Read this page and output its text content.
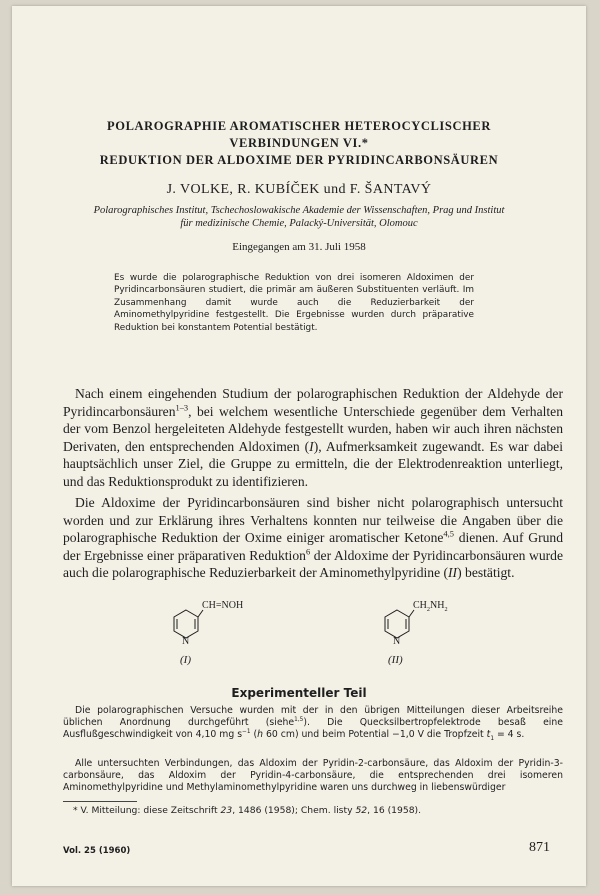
POLAROGRAPHIE AROMATISCHER HETEROCYCLISCHER
VERBINDUNGEN VI.*
REDUKTION DER ALDOXIME DER PYRIDINCARBONSÄUREN
J. VOLKE, R. KUBÍČEK und F. ŠANTAVÝ
Polarographisches Institut, Tschechoslowakische Akademie der Wissenschaften, Prag und Institut
für medizinische Chemie, Palacký-Universität, Olomouc
Eingegangen am 31. Juli 1958
Es wurde die polarographische Reduktion von drei isomeren Aldoximen der Pyridincarbonsäuren studiert, die primär am äußeren Substituenten verläuft. Im Zusammenhang damit wurde auch die Reduzierbarkeit der Aminomethylpyridine festgestellt. Die Ergebnisse wurden durch präparative Reduktion bei konstantem Potential bestätigt.

Nach einem eingehenden Studium der polarographischen Reduktion der Aldehyde der Pyridincarbonsäuren$^{1-3}$, bei welchem wesentliche Unterschiede gegenüber dem Verhalten der vom Benzol hergeleiteten Aldehyde festgestellt wurden, haben wir auch ihren nächsten Derivaten, den entsprechenden Aldoximen (I), Aufmerksamkeit zugewandt. Es war dabei hauptsächlich unser Ziel, die Gruppe zu ermitteln, die der Elektrodenreaktion unterliegt, und das Reduktionsprodukt zu identifizieren.

Die Aldoxime der Pyridincarbonsäuren sind bisher nicht polarographisch untersucht worden und zur Erklärung ihres Verhaltens konnten nur teilweise die Angaben über die polarographische Reduktion der Oxime einiger aromatischer Ketone$^{4,5}$ dienen. Auf Grund der Ergebnisse einer präparativen Reduktion$^6$ der Aldoxime der Pyridincarbonsäuren wurde auch die polarographische Reduzierbarkeit der Aminomethylpyridine (II) bestätigt.

CH=NOH
N
$CH_2NH_2$
N
(I)	(II)
Experimenteller Teil

Die polarographischen Versuche wurden mit der in den übrigen Mitteilungen dieser Arbeitsreihe üblichen Anordnung durchgeführt (siehe$^{1,5}$). Die Quecksilbertropfelektrode besaß eine Ausflußgeschwindigkeit von 4,10 mg $s^{-1}$ (h 60 cm) und beim Potential −1,0 V die Tropfzeit $t_1 = 4$ s.

Alle untersuchten Verbindungen, das Aldoxim der Pyridin-2-carbonsäure, das Aldoxim der Pyridin-3-carbonsäure, das Aldoxim der Pyridin-4-carbonsäure, die entsprechenden drei isomeren Aminomethylpyridine und Methylaminomethylpyridine waren uns durchweg in liebenswürdiger

* V. Mitteilung: diese Zeitschrift 23, 1486 (1958); Chem. listy 52, 16 (1958).
Vol. 25 (1960)	871
